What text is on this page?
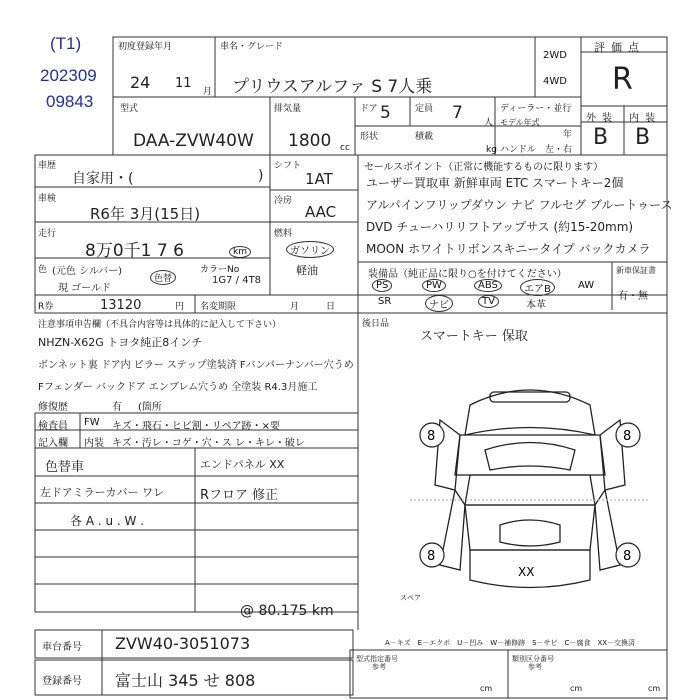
(T1)
202309
09843
初度登録年月
24 11
月
車名・グレード
プリウスアルファ S 7人乗
2WD
4WD
評価点
R
外装 内装
B B
型式
DAA-ZVW40W
排気量
1800 cc
ドア 5	定員 7 人
形状	積載
kg
ディーラー・並行
モデル年式
年
ハンドル 左・右
車歴
自家用・(	)
車検
R6年 3月(15日)
走行
8万0千1 7 6	km
色 (元色 シルバー)
現 ゴールド
色替
カラーNo
1G7 / 4T8
R券	13120	円 名変期限	月　　　日
シフト
1AT
冷房
AAC
燃料
ガソリン
軽油
セールスポイント（正常に機能するものに限ります）
ユーザー買取車 新鮮車両 ETC スマートキー2個
アルパインフリップダウン ナビ フルセグ ブルートゥース
DVD チューハリリフトアップサス (約15-20mm)
MOON ホワイトリボンスキニータイプ バックカメラ
装備品（純正品に限り○を付けてください）
PS	PW	ABS	エアB	AW
SR	ナビ	TV	本革
新車保証書
有・無
注意事項申告欄（不具合内容等は具体的に記入して下さい）
NHZN-X62G トヨタ純正8インチ
ボンネット裏 ドア内 ピラー ステップ塗装済 Fバンパーナンバー穴うめ
Fフェンダー バックドア エンブレム穴うめ 全塗装 R4.3月施工
修復歴	有 (箇所
後日品
スマートキー 保取
検査員 FW キズ・飛石・ヒビ割・リペア跡・×要
記入欄 内装 キズ・汚レ・コゲ・穴・ス レ・キレ・破レ
色替車
左ドアミラーカバー ワレ
各 A . u . W .
エンドパネル XX
Rフロア 修正
@ 80.175 km
8	8
8	8
XX
スペア
A－キズ　E－エクボ　U－凹み　W－補修跡　S－サビ　C－腐食　XX－交換済
車台番号 ZVW40-3051073
登録番号 富士山 345 せ 808
型式指定番号
参考
類別区分番号
参考
cm	cm	cm
